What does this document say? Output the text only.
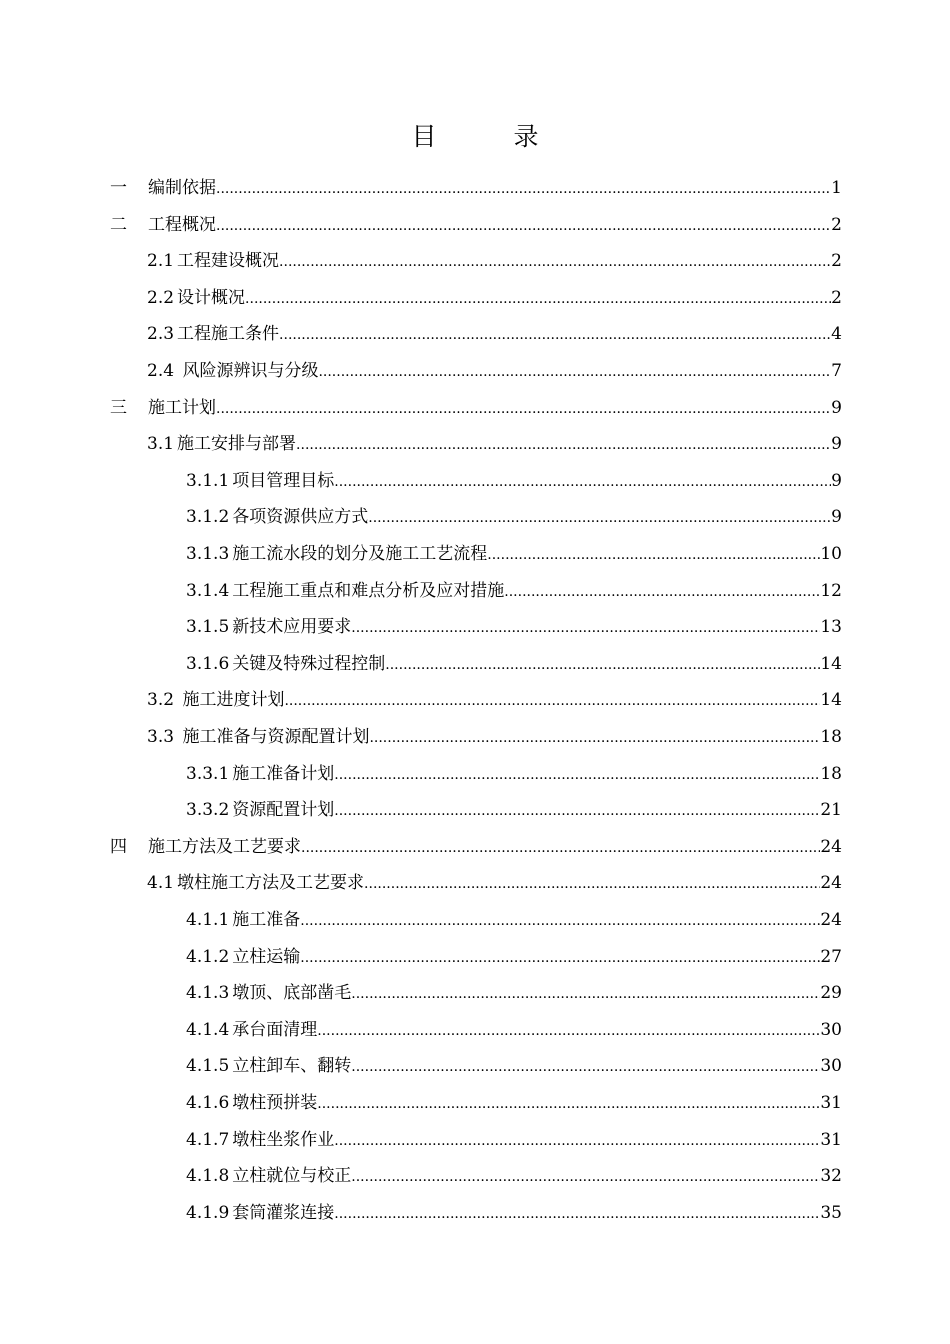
目　录
一	编制依据 .....	1
二	工程概况 .....	2
2.1 工程建设概况 .....	2
2.2 设计概况 .....	2
2.3 工程施工条件 .....	4
2.4 风险源辨识与分级 .....	7
三	施工计划 .....	9
3.1 施工安排与部署 .....	9
3.1.1 项目管理目标 .....	9
3.1.2 各项资源供应方式 .....	9
3.1.3 施工流水段的划分及施工工艺流程 .....	10
3.1.4 工程施工重点和难点分析及应对措施 .....	12
3.1.5 新技术应用要求 .....	13
3.1.6 关键及特殊过程控制 .....	14
3.2 施工进度计划 .....	14
3.3 施工准备与资源配置计划 .....	18
3.3.1 施工准备计划 .....	18
3.3.2 资源配置计划 .....	21
四	施工方法及工艺要求 .....	24
4.1 墩柱施工方法及工艺要求 .....	24
4.1.1 施工准备 .....	24
4.1.2 立柱运输 .....	27
4.1.3 墩顶、底部凿毛 .....	29
4.1.4 承台面清理 .....	30
4.1.5 立柱卸车、翻转 .....	30
4.1.6 墩柱预拼装 .....	31
4.1.7 墩柱坐浆作业 .....	31
4.1.8 立柱就位与校正 .....	32
4.1.9 套筒灌浆连接 .....	35
